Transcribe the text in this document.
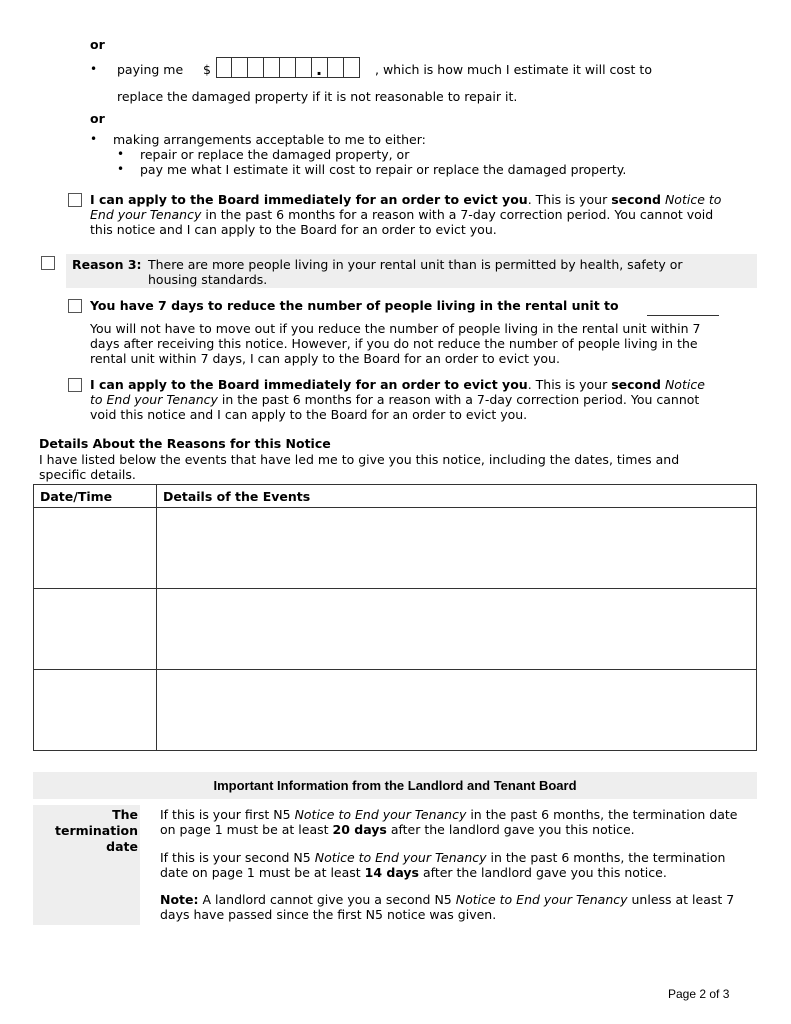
or
• paying me $ .	, which is how much I estimate it will cost to
replace the damaged property if it is not reasonable to repair it.
or
• making arrangements acceptable to me to either:
• repair or replace the damaged property, or
• pay me what I estimate it will cost to repair or replace the damaged property.
I can apply to the Board immediately for an order to evict you. This is your second Notice to
End your Tenancy in the past 6 months for a reason with a 7-day correction period. You cannot void
this notice and I can apply to the Board for an order to evict you.
Reason 3: There are more people living in your rental unit than is permitted by health, safety or
housing standards.
You have 7 days to reduce the number of people living in the rental unit to
You will not have to move out if you reduce the number of people living in the rental unit within 7
days after receiving this notice. However, if you do not reduce the number of people living in the
rental unit within 7 days, I can apply to the Board for an order to evict you.
I can apply to the Board immediately for an order to evict you. This is your second Notice
to End your Tenancy in the past 6 months for a reason with a 7-day correction period. You cannot
void this notice and I can apply to the Board for an order to evict you.
Details About the Reasons for this Notice
I have listed below the events that have led me to give you this notice, including the dates, times and
specific details.
Date/Time	Details of the Events

Important Information from the Landlord and Tenant Board
The
termination
date
If this is your first N5 Notice to End your Tenancy in the past 6 months, the termination date
on page 1 must be at least 20 days after the landlord gave you this notice.
If this is your second N5 Notice to End your Tenancy in the past 6 months, the termination
date on page 1 must be at least 14 days after the landlord gave you this notice.
Note: A landlord cannot give you a second N5 Notice to End your Tenancy unless at least 7
days have passed since the first N5 notice was given.
Page 2 of 3
